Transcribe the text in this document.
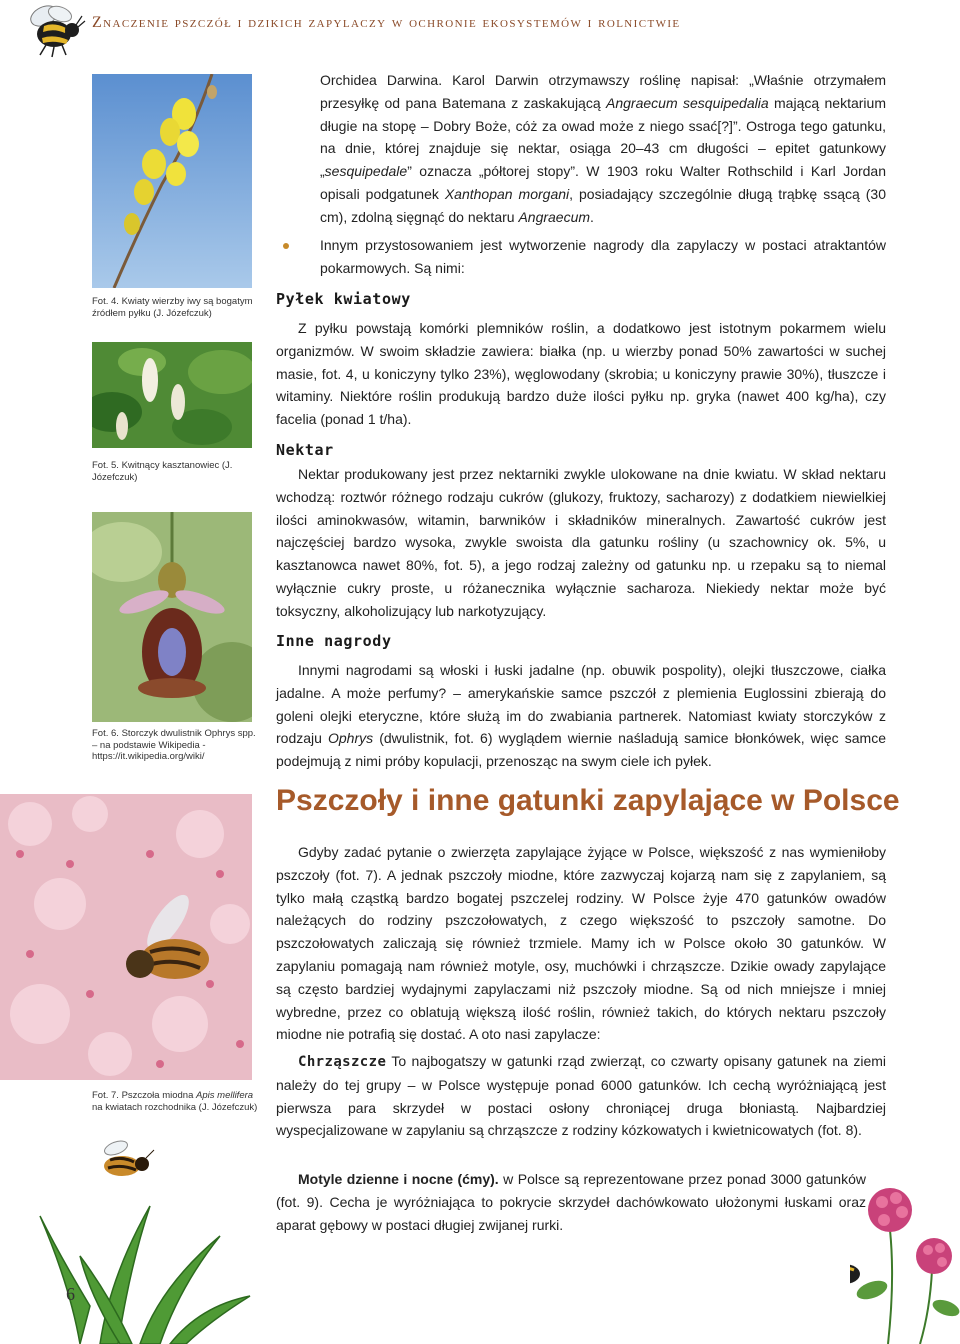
Znaczenie pszczół i dzikich zapylaczy w ochronie ekosystemów i rolnictwie
Fot. 4. Kwiaty wierzby iwy są bogatym źródłem pyłku (J. Józefczuk)
Fot. 5. Kwitnący kasztanowiec (J. Józefczuk)
Fot. 6. Storczyk dwulistnik Ophrys spp. – na podstawie Wikipedia - https://it.wikipedia.org/wiki/
Fot. 7. Pszczoła miodna Apis mellifera na kwiatach rozchodnika (J. Józefczuk)
6
Orchidea Darwina. Karol Darwin otrzymawszy roślinę napisał: „Właśnie otrzymałem przesyłkę od pana Batemana z zaskakującą Angraecum sesquipedalia mającą nektarium długie na stopę – Dobry Boże, cóż za owad może z niego ssać[?]”. Ostroga tego gatunku, na dnie, której znajduje się nektar, osiąga 20–43 cm długości – epitet gatunkowy „sesquipedale” oznacza „półtorej stopy”. W 1903 roku Walter Rothschild i Karl Jordan opisali podgatunek Xanthopan morgani, posiadający szczególnie długą trąbkę ssącą (30 cm), zdolną sięgnąć do nektaru Angraecum.
Innym przystosowaniem jest wytworzenie nagrody dla zapylaczy w postaci atraktantów pokarmowych. Są nimi:
Pyłek kwiatowy
Z pyłku powstają komórki plemników roślin, a dodatkowo jest istotnym pokarmem wielu organizmów. W swoim składzie zawiera: białka (np. u wierzby ponad 50% zawartości w suchej masie, fot. 4, u koniczyny tylko 23%), węglowodany (skrobia; u koniczyny prawie 30%), tłuszcze i witaminy. Niektóre roślin produkują bardzo duże ilości pyłku np. gryka (nawet 400 kg/ha), czy facelia (ponad 1 t/ha).
Nektar
Nektar produkowany jest przez nektarniki zwykle ulokowane na dnie kwiatu. W skład nektaru wchodzą: roztwór różnego rodzaju cukrów (glukozy, fruktozy, sacharozy) z dodatkiem niewielkiej ilości aminokwasów, witamin, barwników i składników mineralnych. Zawartość cukrów jest najczęściej bardzo wysoka, zwykle swoista dla gatunku rośliny (u szachownicy ok. 5%, u kasztanowca nawet 80%, fot. 5), a jego rodzaj zależny od gatunku np. u rzepaku są to niemal wyłącznie cukry proste, u różanecznika wyłącznie sacharoza. Niekiedy nektar może być toksyczny, alkoholizujący lub narkotyzujący.
Inne nagrody
Innymi nagrodami są włoski i łuski jadalne (np. obuwik pospolity), olejki tłuszczowe, ciałka jadalne. A może perfumy? – amerykańskie samce pszczół z plemienia Euglossini zbierają do goleni olejki eteryczne, które służą im do zwabiania partnerek. Natomiast kwiaty storczyków z rodzaju Ophrys (dwulistnik, fot. 6) wyglądem wiernie naśladują samice błonkówek, więc samce podejmują z nimi próby kopulacji, przenosząc na swym ciele ich pyłek.
Pszczoły i inne gatunki zapylające w Polsce
Gdyby zadać pytanie o zwierzęta zapylające żyjące w Polsce, większość z nas wymieniłoby pszczoły (fot. 7). A jednak pszczoły miodne, które zazwyczaj kojarzą nam się z zapylaniem, są tylko małą cząstką bardzo bogatej pszczelej rodziny. W Polsce żyje 470 gatunków owadów należących do rodziny pszczołowatych, z czego większość to pszczoły samotne. Do pszczołowatych zaliczają się również trzmiele. Mamy ich w Polsce około 30 gatunków. W zapylaniu pomagają nam również motyle, osy, muchówki i chrząszcze. Dzikie owady zapylające są często bardziej wydajnymi zapylaczami niż pszczoły miodne. Są od nich mniejsze i mniej wybredne, przez co oblatują większą ilość roślin, również takich, do których nektaru pszczoły miodne nie potrafią się dostać. A oto nasi zapylacze:
Chrząszcze To najbogatszy w gatunki rząd zwierząt, co czwarty opisany gatunek na ziemi należy do tej grupy – w Polsce występuje ponad 6000 gatunków. Ich cechą wyróżniającą jest pierwsza para skrzydeł w postaci osłony chroniącej druga błoniastą. Najbardziej wyspecjalizowane w zapylaniu są chrząszcze z rodziny kózkowatych i kwietnicowatych (fot. 8).
Motyle dzienne i nocne (ćmy). w Polsce są reprezentowane przez ponad 3000 gatunków (fot. 9). Cecha je wyróżniająca to pokrycie skrzydeł dachówkowato ułożonymi łuskami oraz aparat gębowy w postaci długiej zwijanej rurki.
